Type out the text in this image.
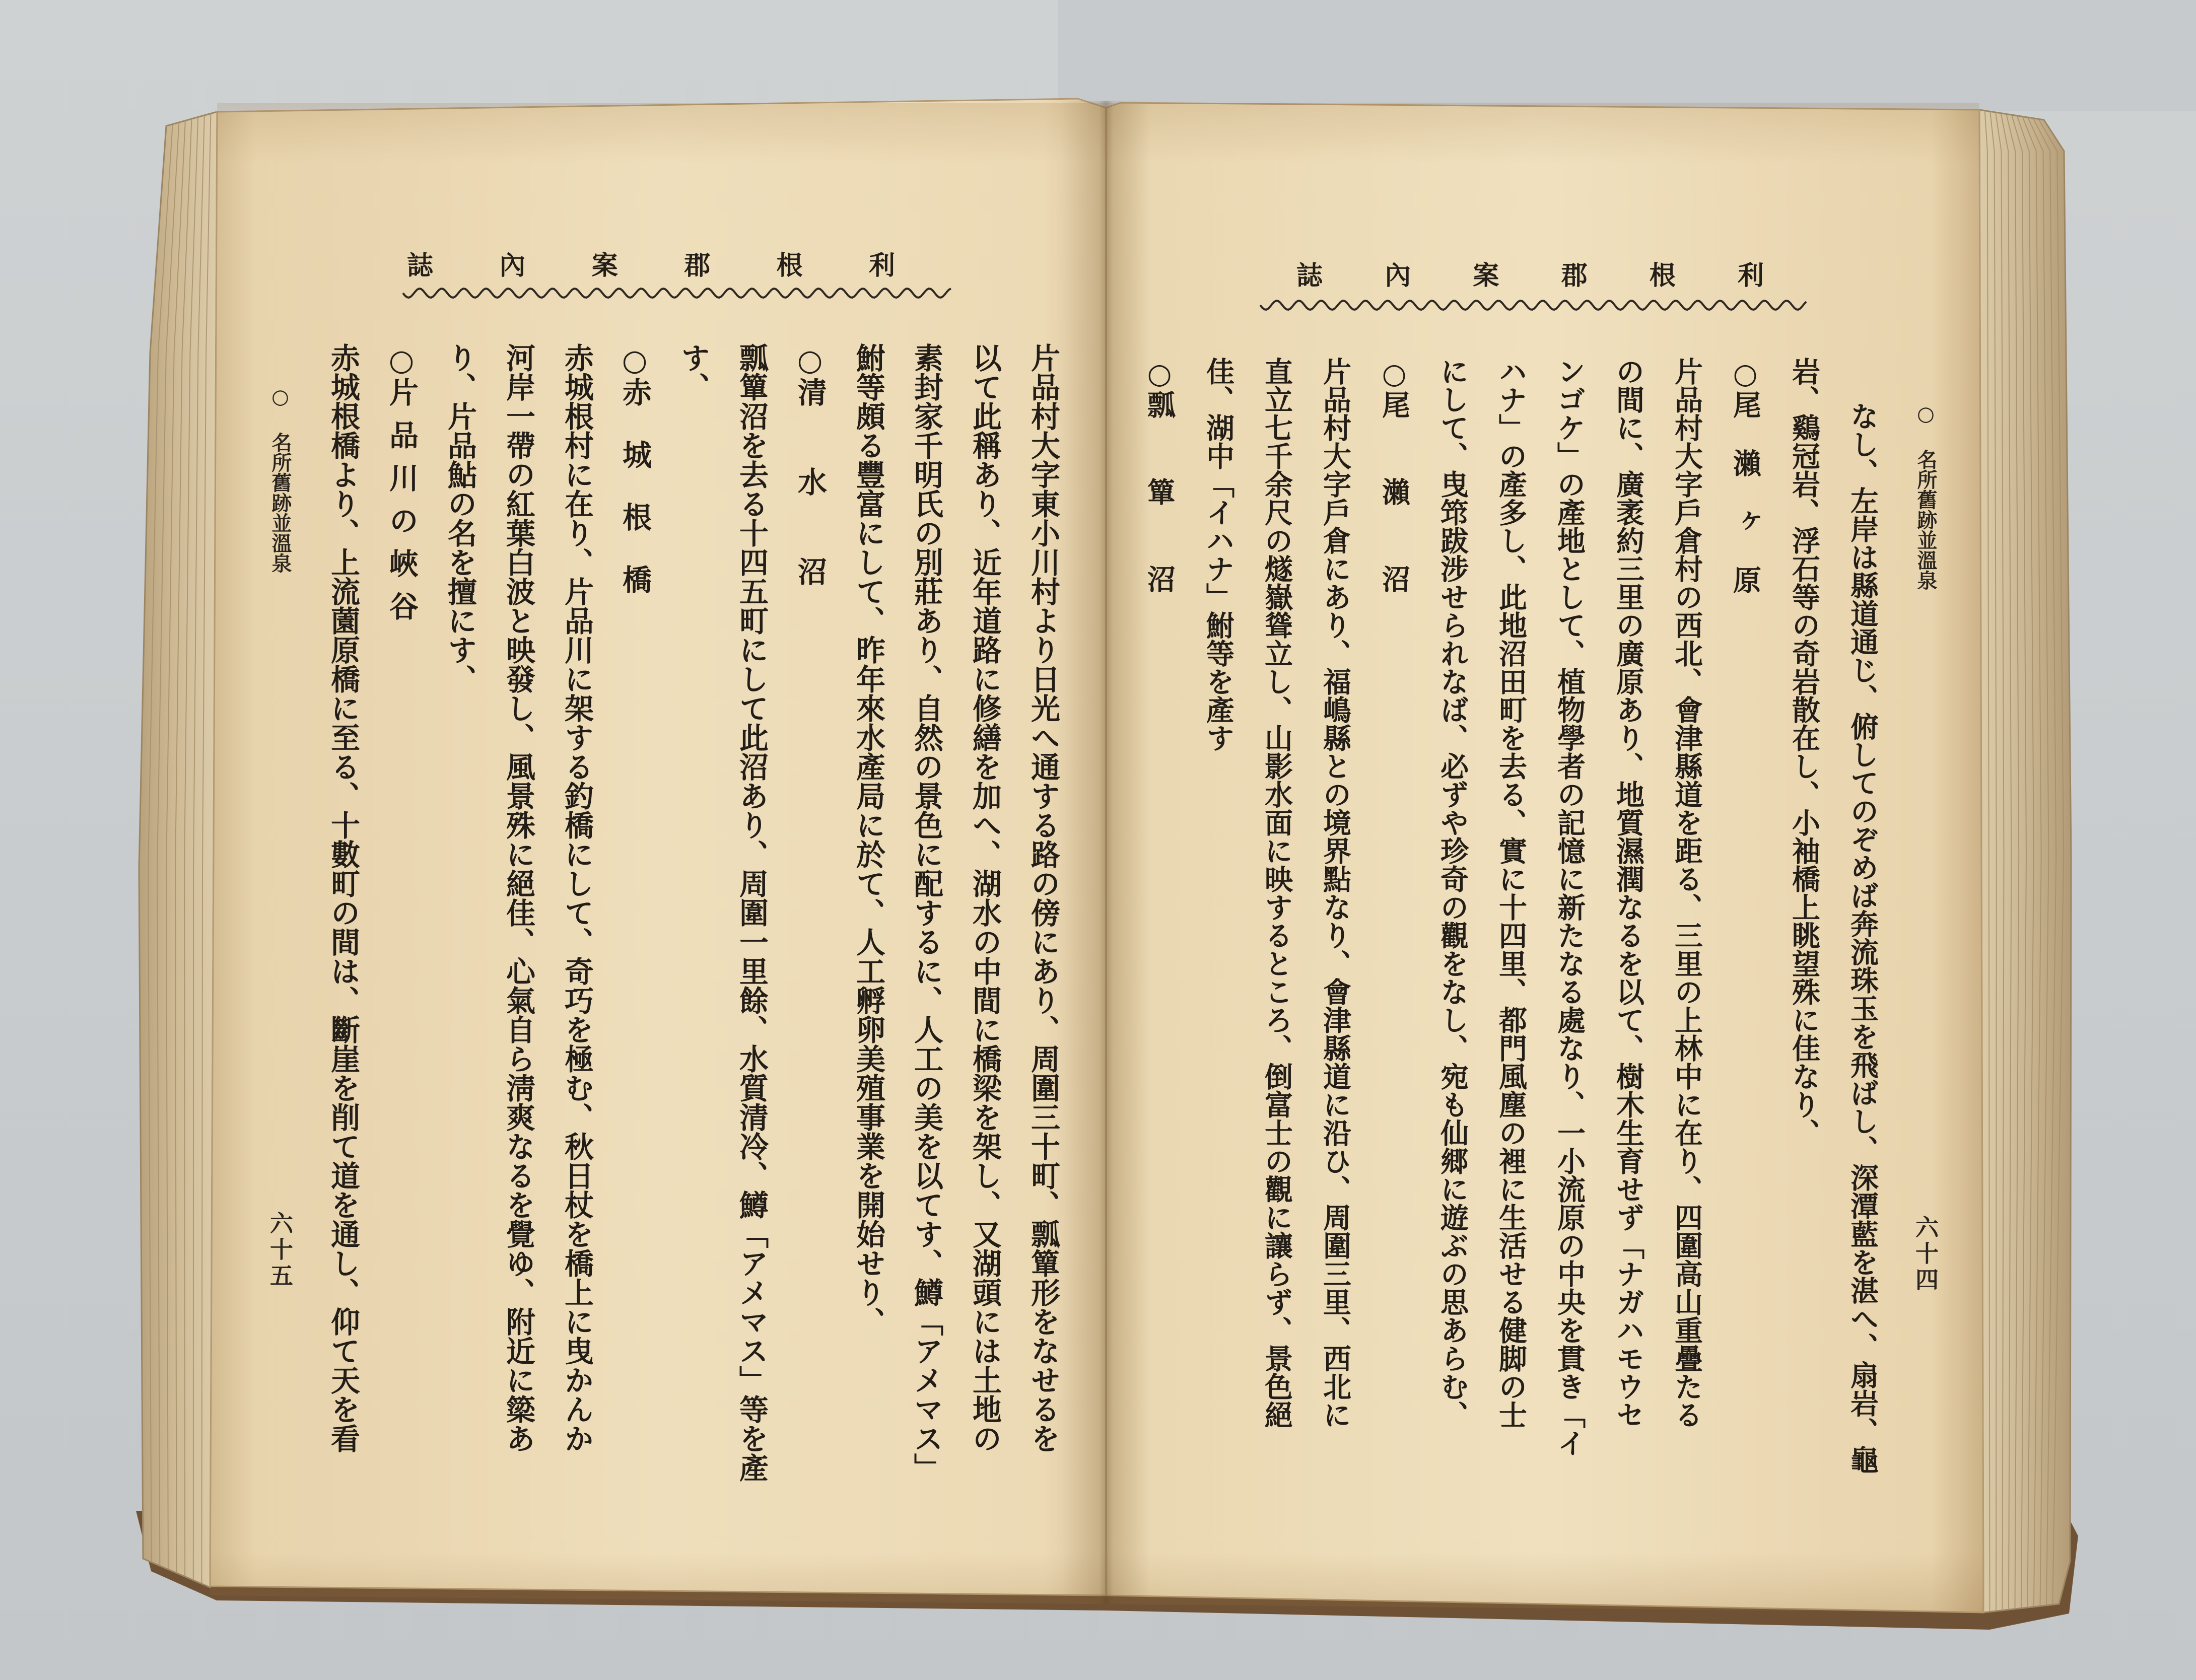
利根郡案內誌
○ 名所舊跡並溫泉
六十四
なし、左岸は縣道通じ、俯してのぞめば奔流珠玉を飛ばし、深潭藍を湛へ、扇岩、龜
岩、鷄冠岩、浮石等の奇岩散在し、小袖橋上眺望殊に佳なり、
○尾瀨ヶ原
片品村大字戶倉村の西北、會津縣道を距る、三里の上林中に在り、四圍高山重疊たる
の間に、廣袤約三里の廣原あり、地質濕潤なるを以て、樹木生育せず「ナガハモウセ
ンゴケ」の產地として、植物學者の記憶に新たなる處なり、一小流原の中央を貫き「イ
ハナ」の產多し、此地沼田町を去る、實に十四里、都門風塵の裡に生活せる健脚の士
にして、曳筇跋涉せられなば、必ずや珍奇の觀をなし、宛も仙郷に遊ぶの思あらむ、
○尾瀨沼
片品村大字戶倉にあり、福嶋縣との境界點なり、會津縣道に沿ひ、周圍三里、西北に
直立七千余尺の燧嶽聳立し、山影水面に映するところ、倒富士の觀に讓らず、景色絕
佳、湖中「イハナ」鮒等を產す
○瓢簞沼
利根郡案內誌
○ 名所舊跡並溫泉
六十五	片品村大字東小川村より日光へ通する路の傍にあり、周圍三十町、瓢簞形をなせるを
以て此稱あり、近年道路に修繕を加へ、湖水の中間に橋梁を架し、又湖頭には土地の
素封家千明氏の別莊あり、自然の景色に配するに、人工の美を以てす、鱒「アメマス」
鮒等頗る豐富にして、昨年來水產局に於て、人工孵卵美殖事業を開始せり、
○清水沼
瓢簞沼を去る十四五町にして此沼あり、周圍一里餘、水質清冷、鱒「アメマス」等を產
す、
○赤城根橋
赤城根村に在り、片品川に架する釣橋にして、奇巧を極む、秋日杖を橋上に曳かんか
河岸一帶の紅葉白波と映發し、風景殊に絕佳、心氣自ら淸爽なるを覺ゆ、附近に簗あ
り、片品鮎の名を擅にす、
○片品川の峽谷
赤城根橋より、上流薗原橋に至る、十數町の間は、斷崖を削て道を通し、仰て天を看
